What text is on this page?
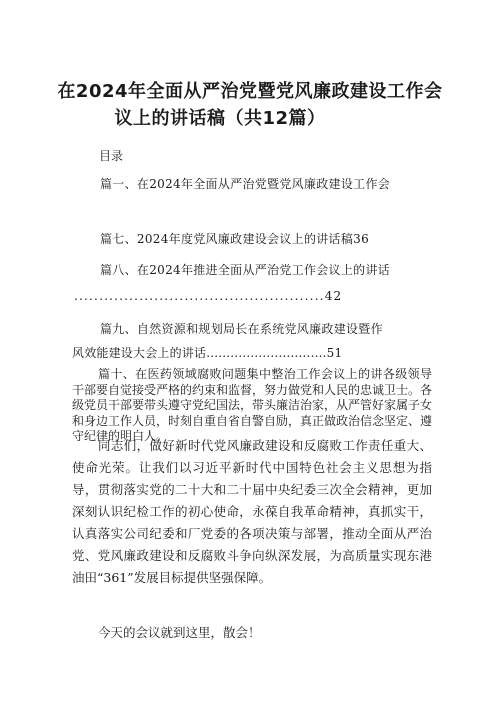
在2024年全面从严治党暨党风廉政建设工作会
议上的讲话稿（共12篇）
目录
篇一、在2024年全面从严治党暨党风廉政建设工作会
篇七、2024年度党风廉政建设会议上的讲话稿36
篇八、在2024年推进全面从严治党工作会议上的讲话
..................................................42
篇九、自然资源和规划局长在系统党风廉政建设暨作
风效能建设大会上的讲话..............................51
篇十、在医药领域腐败问题集中整治工作会议上的讲各级领导干部要自觉接受严格的约束和监督，努力做党和人民的忠诚卫士。各级党员干部要带头遵守党纪国法，带头廉洁治家，从严管好家属子女和身边工作人员，时刻自重自省自警自励，真正做政治信念坚定、遵守纪律的明白人。
同志们，做好新时代党风廉政建设和反腐败工作责任重大、使命光荣。让我们以习近平新时代中国特色社会主义思想为指导，贯彻落实党的二十大和二十届中央纪委三次全会精神，更加深刻认识纪检工作的初心使命，永葆自我革命精神，真抓实干，认真落实公司纪委和厂党委的各项决策与部署，推动全面从严治党、党风廉政建设和反腐败斗争向纵深发展，为高质量实现东港油田“361”发展目标提供坚强保障。
今天的会议就到这里，散会！
